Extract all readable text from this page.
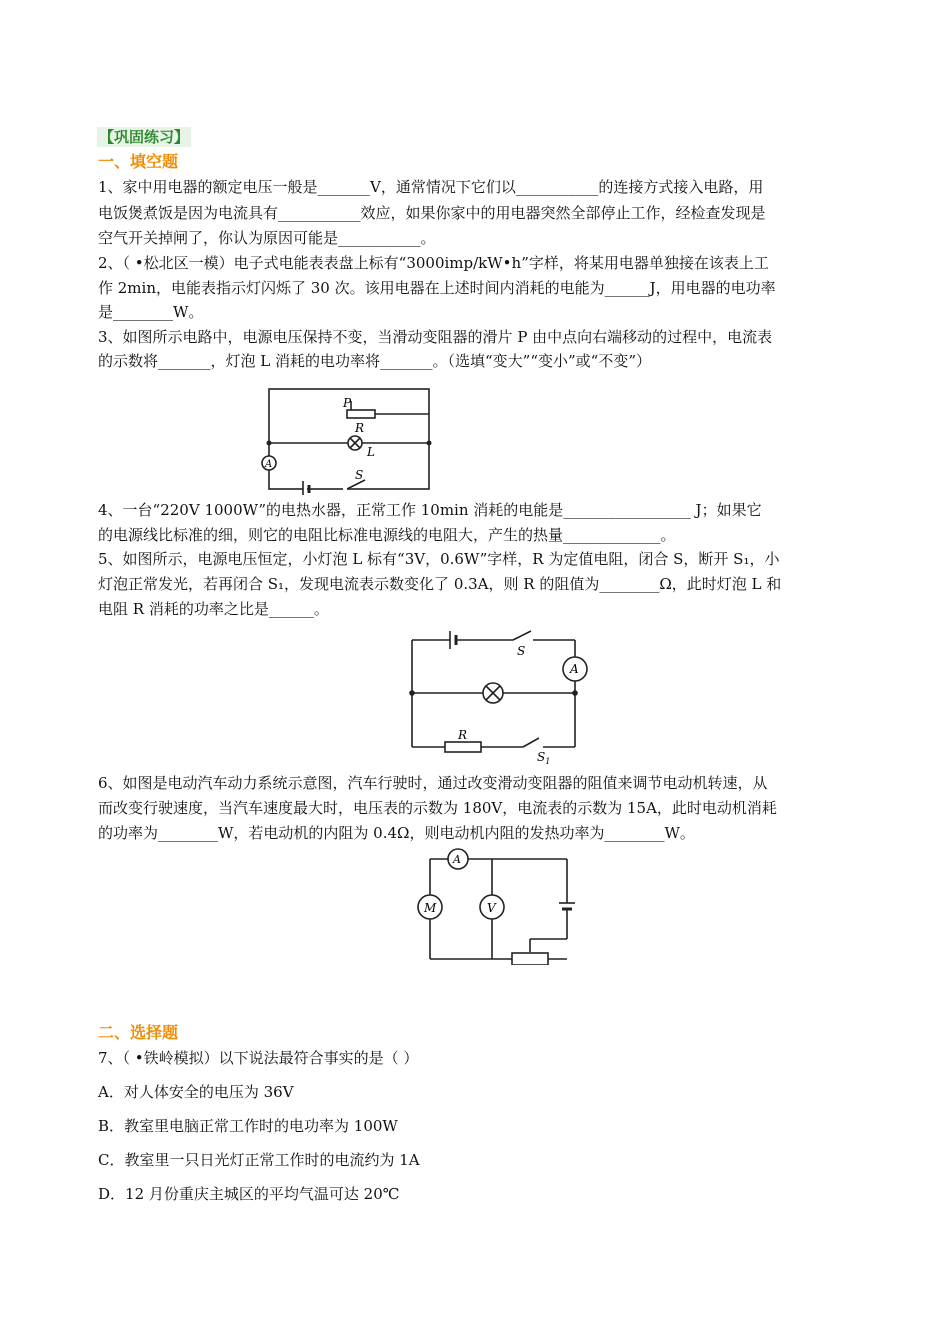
【巩固练习】
一、填空题
1、家中用电器的额定电压一般是_______V，通常情况下它们以___________的连接方式接入电路，用
电饭煲煮饭是因为电流具有___________效应，如果你家中的用电器突然全部停止工作，经检查发现是
空气开关掉闸了，你认为原因可能是___________。
2、（ •松北区一模）电子式电能表表盘上标有“3000imp/kW•h”字样，将某用电器单独接在该表上工
作 2min，电能表指示灯闪烁了 30 次。该用电器在上述时间内消耗的电能为______J，用电器的电功率
是________W。
3、如图所示电路中，电源电压保持不变，当滑动变阻器的滑片 P 由中点向右端移动的过程中，电流表
的示数将_______，灯泡 L 消耗的电功率将_______。（选填“变大”“变小”或“不变”）
P
R
L
S
A
4、一台“220V 1000W”的电热水器，正常工作 10min 消耗的电能是_________________ J；如果它
的电源线比标准的细，则它的电阻比标准电源线的电阻大，产生的热量_____________。
5、如图所示，电源电压恒定，小灯泡 L 标有“3V，0.6W”字样，R 为定值电阻，闭合 S，断开 S₁，小
灯泡正常发光，若再闭合 S₁，发现电流表示数变化了 0.3A，则 R 的阻值为________Ω，此时灯泡 L 和
电阻 R 消耗的功率之比是______。
S
A
R
$S_1$
6、如图是电动汽车动力系统示意图，汽车行驶时，通过改变滑动变阻器的阻值来调节电动机转速，从
而改变行驶速度，当汽车速度最大时，电压表的示数为 180V，电流表的示数为 15A，此时电动机消耗
的功率为________W，若电动机的内阻为 0.4Ω，则电动机内阻的发热功率为________W。
A
M	V
二、选择题
7、（ •铁岭模拟）以下说法最符合事实的是（ ）
A．对人体安全的电压为 36V
B．教室里电脑正常工作时的电功率为 100W
C．教室里一只日光灯正常工作时的电流约为 1A
D．12 月份重庆主城区的平均气温可达 20℃
